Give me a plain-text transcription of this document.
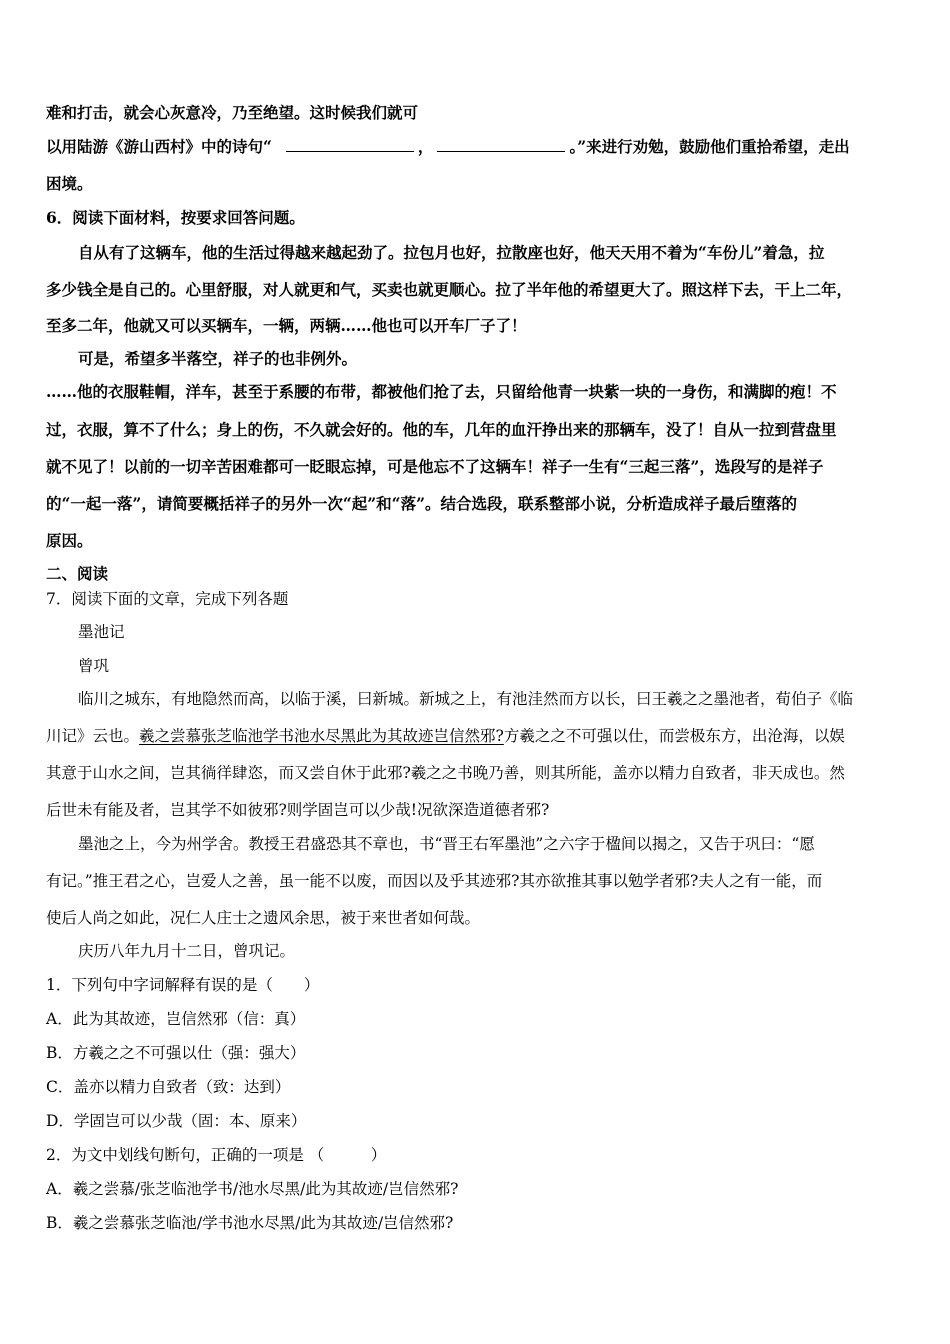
难和打击，就会心灰意冷，乃至绝望。这时候我们就可
以用陆游《游山西村》中的诗句“	，	。”来进行劝勉，鼓励他们重拾希望，走出
困境。
6．阅读下面材料，按要求回答问题。
自从有了这辆车，他的生活过得越来越起劲了。拉包月也好，拉散座也好，他天天用不着为“车份儿”着急，拉
多少钱全是自己的。心里舒服，对人就更和气，买卖也就更顺心。拉了半年他的希望更大了。照这样下去，干上二年，
至多二年，他就又可以买辆车，一辆，两辆……他也可以开车厂子了！
可是，希望多半落空，祥子的也非例外。
……他的衣服鞋帽，洋车，甚至于系腰的布带，都被他们抢了去，只留给他青一块紫一块的一身伤，和满脚的疱！不
过，衣服，算不了什么；身上的伤，不久就会好的。他的车，几年的血汗挣出来的那辆车，没了！自从一拉到营盘里
就不见了！以前的一切辛苦困难都可一眨眼忘掉，可是他忘不了这辆车！祥子一生有“三起三落”，选段写的是祥子
的“一起一落”，请简要概括祥子的另外一次“起”和“落”。结合选段，联系整部小说，分析造成祥子最后堕落的
原因。
二、阅读
7．阅读下面的文章，完成下列各题
墨池记
曾巩
临川之城东，有地隐然而高，以临于溪，曰新城。新城之上，有池洼然而方以长，曰王羲之之墨池者，荀伯子《临
川记》云也。羲之尝慕张芝临池学书池水尽黑此为其故迹岂信然邪?方羲之之不可强以仕，而尝极东方，出沧海，以娱
其意于山水之间，岂其徜徉肆恣，而又尝自休于此邪?羲之之书晚乃善，则其所能，盖亦以精力自致者，非天成也。然
后世未有能及者，岂其学不如彼邪?则学固岂可以少哉!况欲深造道德者邪?
墨池之上，今为州学舍。教授王君盛恐其不章也，书“晋王右军墨池”之六字于楹间以揭之，又告于巩曰：“愿
有记。”推王君之心，岂爱人之善，虽一能不以废，而因以及乎其迹邪?其亦欲推其事以勉学者邪?夫人之有一能，而
使后人尚之如此，况仁人庄士之遗风余思，被于来世者如何哉。
庆历八年九月十二日，曾巩记。
1．下列句中字词解释有误的是（　　）
A．此为其故迹，岂信然邪（信：真）
B．方羲之之不可强以仕（强：强大）
C．盖亦以精力自致者（致：达到）
D．学固岂可以少哉（固：本、原来）
2．为文中划线句断句，正确的一项是 （　　　）
A．羲之尝慕/张芝临池学书/池水尽黑/此为其故迹/岂信然邪?
B．羲之尝慕张芝临池/学书池水尽黑/此为其故迹/岂信然邪?
